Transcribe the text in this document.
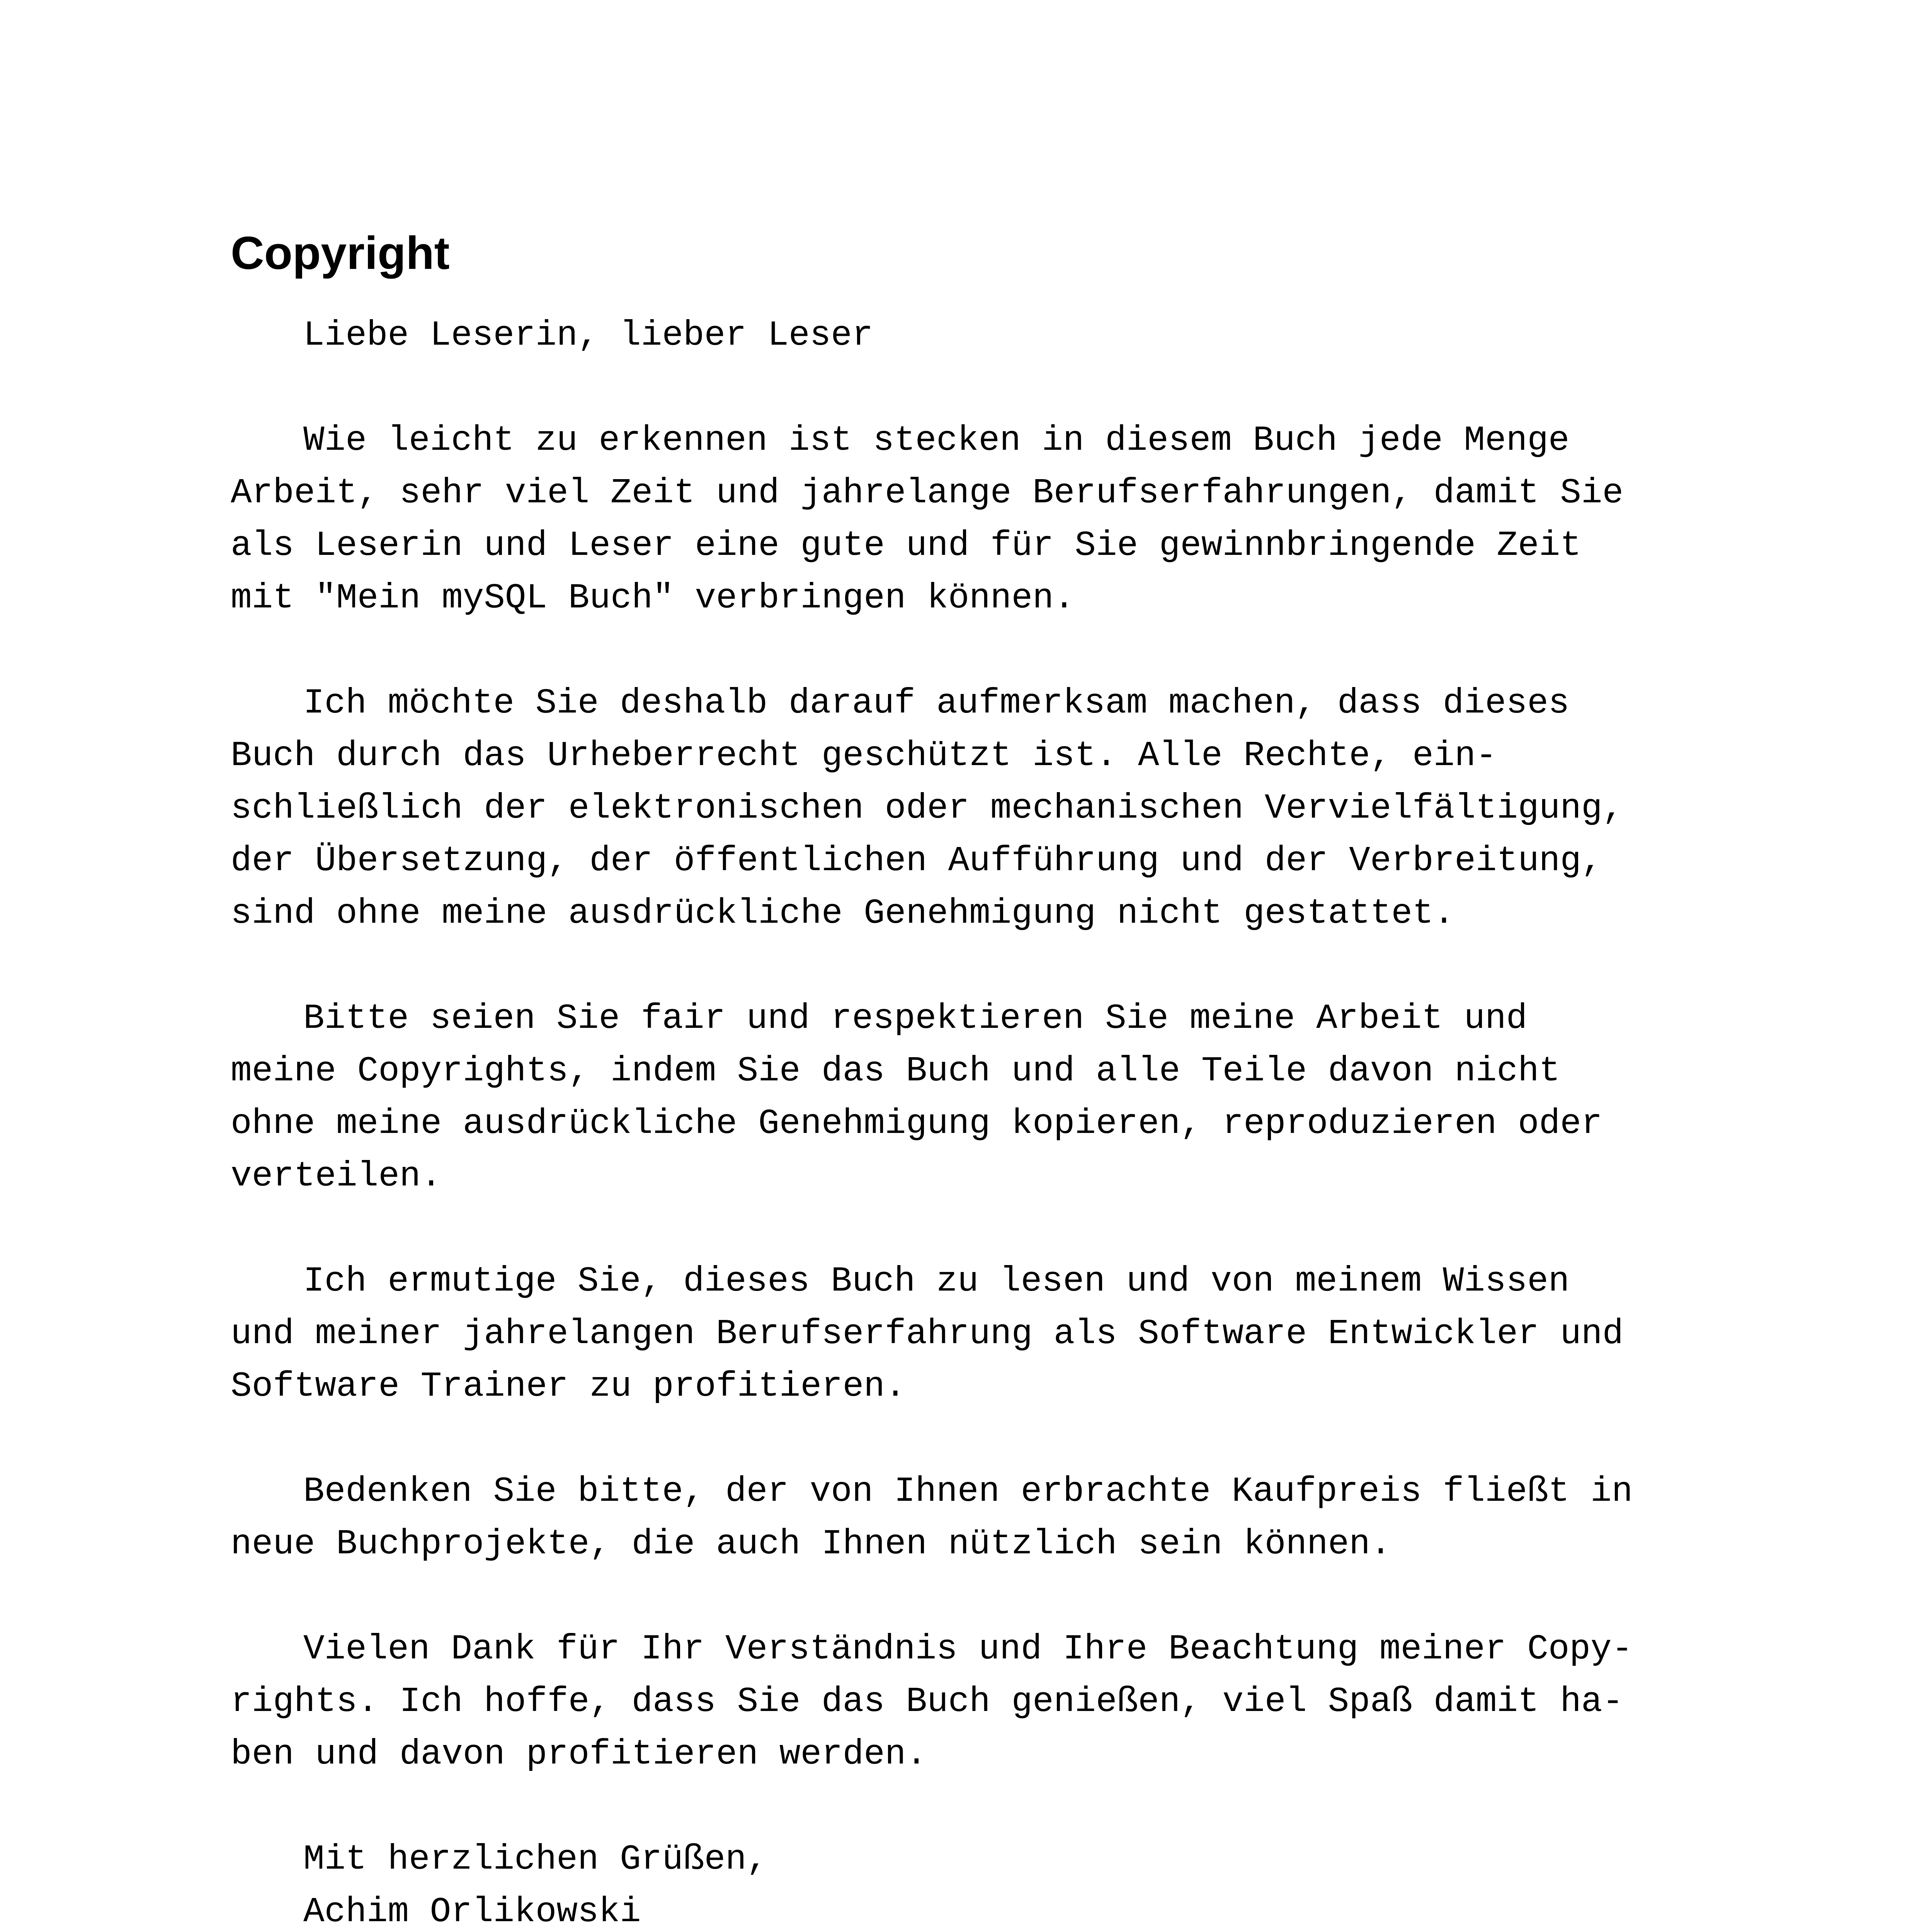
Copyright

Liebe Leserin, lieber Leser

Wie leicht zu erkennen ist stecken in diesem Buch jede Menge
Arbeit, sehr viel Zeit und jahrelange Berufserfahrungen, damit Sie
als Leserin und Leser eine gute und für Sie gewinnbringende Zeit
mit "Mein mySQL Buch" verbringen können.

Ich möchte Sie deshalb darauf aufmerksam machen, dass dieses
Buch durch das Urheberrecht geschützt ist. Alle Rechte, ein-
schließlich der elektronischen oder mechanischen Vervielfältigung,
der Übersetzung, der öffentlichen Aufführung und der Verbreitung,
sind ohne meine ausdrückliche Genehmigung nicht gestattet.

Bitte seien Sie fair und respektieren Sie meine Arbeit und
meine Copyrights, indem Sie das Buch und alle Teile davon nicht
ohne meine ausdrückliche Genehmigung kopieren, reproduzieren oder
verteilen.

Ich ermutige Sie, dieses Buch zu lesen und von meinem Wissen
und meiner jahrelangen Berufserfahrung als Software Entwickler und
Software Trainer zu profitieren.

Bedenken Sie bitte, der von Ihnen erbrachte Kaufpreis fließt in
neue Buchprojekte, die auch Ihnen nützlich sein können.

Vielen Dank für Ihr Verständnis und Ihre Beachtung meiner Copy-
rights. Ich hoffe, dass Sie das Buch genießen, viel Spaß damit ha-
ben und davon profitieren werden.

Mit herzlichen Grüßen,
Achim Orlikowski
